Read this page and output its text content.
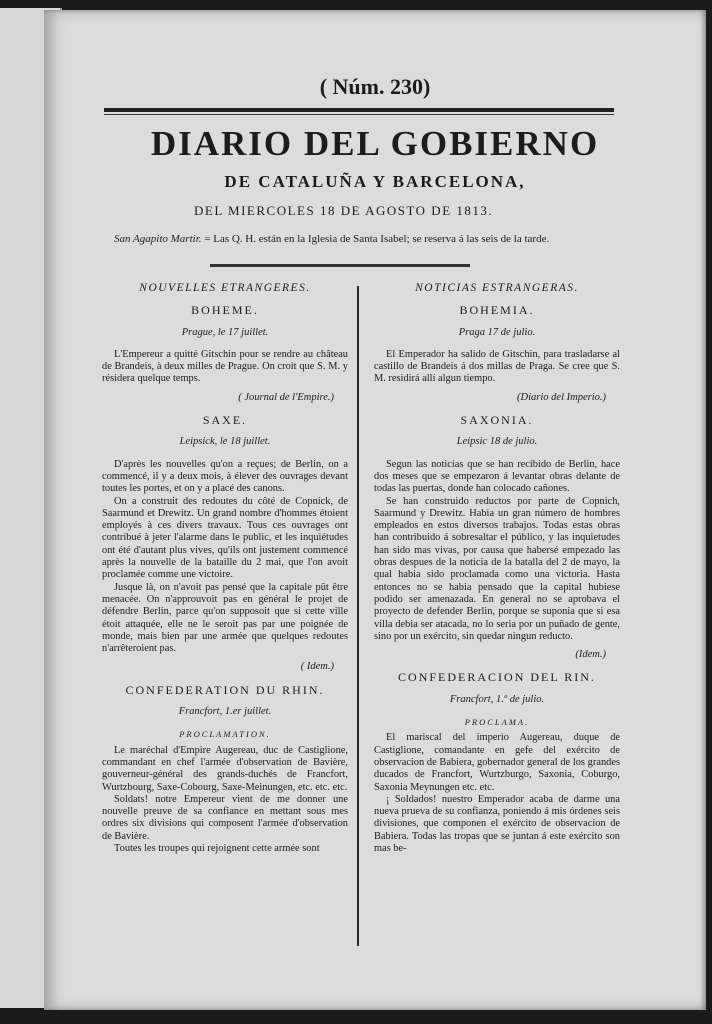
( Núm. 230)
DIARIO DEL GOBIERNO
DE CATALUÑA Y BARCELONA,
DEL MIERCOLES 18 DE AGOSTO DE 1813.
San Agapito Martir. = Las Q. H. están en la Iglesia de Santa Isabel; se reserva á las seis de la tarde.
NOUVELLES ETRANGERES.
BOHEME.
Prague, le 17 juillet.

L'Empereur a quitté Gitschin pour se rendre au château de Brandeis, à deux milles de Prague. On croit que S. M. y résidera quelque temps.

( Journal de l'Empire.)
SAXE.
Leipsick, le 18 juillet.

D'après les nouvelles qu'on a reçues; de Berlin, on a commencé, il y a deux mois, à élever des ouvrages devant toutes les portes, et on y a placé des canons.

On a construit des redoutes du côté de Copnick, de Saarmund et Drewitz. Un grand nombre d'hommes étoient employés à ces divers travaux. Tous ces ouvrages ont contribué à jeter l'alarme dans le public, et les inquiétudes ont été d'autant plus vives, qu'ils ont justement commencé après la nouvelle de la bataille du 2 mai, que l'on avoit proclamée comme une victoire.

Jusque là, on n'avoit pas pensé que la capitale pût être menacée. On n'approuvoit pas en général le projet de défendre Berlin, parce qu'on supposoit que si cette ville étoit attaquée, elle ne le seroit pas par une poignée de monde, mais bien par une armée que quelques redoutes n'arrêteroient pas.

( Idem.)
CONFEDERATION DU RHIN.
Francfort, 1.er juillet.
PROCLAMATION.

Le maréchal d'Empire Augereau, duc de Castiglione, commandant en chef l'armée d'observation de Bavière, gouverneur-général des grands-duchés de Francfort, Wurtzbourg, Saxe-Cobourg, Saxe-Meinungen, etc. etc. etc.

Soldats! notre Empereur vient de me donner une nouvelle preuve de sa confiance en mettant sous mes ordres six divisions qui composent l'armée d'observation de Bavière.

Toutes les troupes qui rejoignent cette armée sont

NOTICIAS ESTRANGERAS.
BOHEMIA.
Praga 17 de julio.

El Emperador ha salido de Gitschin, para trasladarse al castillo de Brandeis á dos millas de Praga. Se cree que S. M. residirá allí algun tiempo.

(Diario del Imperio.)
SAXONIA.
Leipsic 18 de julio.

Segun las noticias que se han recibido de Berlin, hace dos meses que se empezaron á levantar obras delante de todas las puertas, donde han colocado cañones.

Se han construido reductos por parte de Copnich, Saarmund y Drewitz. Habia un gran número de hombres empleados en estos diversos trabajos. Todas estas obras han contribuido á sobresaltar el público, y las inquietudes han sido mas vivas, por causa que habersé empezado las obras despues de la noticia de la batalla del 2 de mayo, la qual habia sido proclamada como una victoria. Hasta entonces no se habia pensado que la capital hubiese podido ser amenazada. En general no se aprobava el proyecto de defender Berlin, porque se suponia que si esa villa debia ser atacada, no lo seria por un puñado de gente, sino por un exército, sin quedar ningun reducto.

(Idem.)
CONFEDERACION DEL RIN.
Francfort, 1.º de julio.
PROCLAMA.

El mariscal del imperio Augereau, duque de Castiglione, comandante en gefe del exército de observacion de Babiera, gobernador general de los grandes ducados de Francfort, Wurtzburgo, Saxonia, Coburgo, Saxonia Meynungen etc. etc.

¡ Soldados! nuestro Emperador acaba de darme una nueva prueva de su confianza, poniendo á mis órdenes seis divisiones, que componen el exército de observacion de Babiera. Todas las tropas que se juntan á este exército son mas be-
